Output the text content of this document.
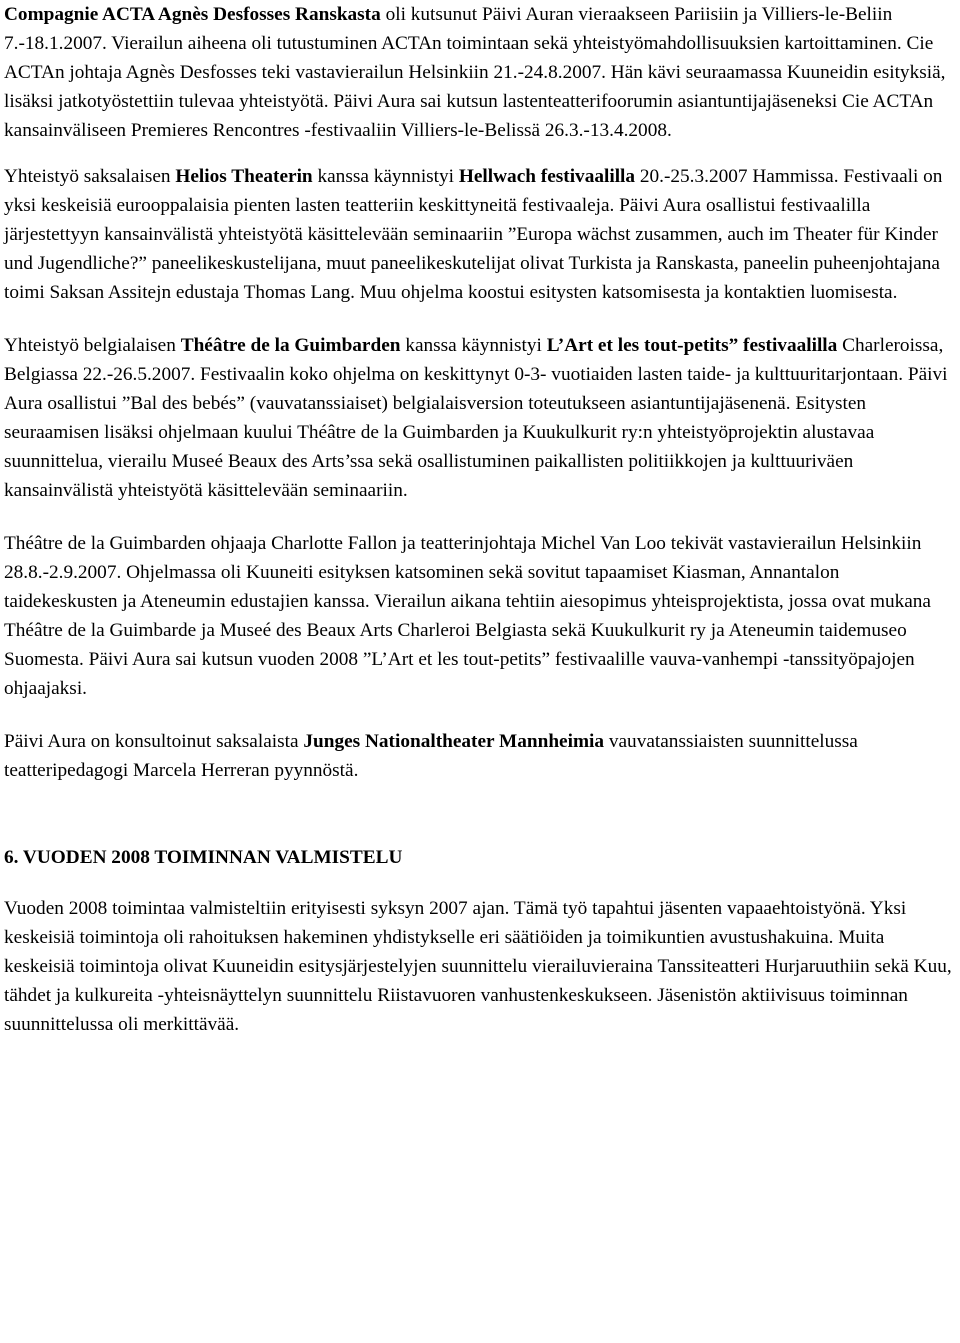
Compagnie ACTA Agnès Desfosses Ranskasta oli kutsunut Päivi Auran vieraakseen Pariisiin ja Villiers-le-Beliin 7.-18.1.2007. Vierailun aiheena oli tutustuminen ACTAn toimintaan sekä yhteistyömahdollisuuksien kartoittaminen. Cie ACTAn johtaja Agnès Desfosses teki vastavierailun Helsinkiin 21.-24.8.2007. Hän kävi seuraamassa Kuuneidin esityksiä, lisäksi jatkotyöstettiin tulevaa yhteistyötä. Päivi Aura sai kutsun lastenteatterifoorumin asiantuntijajäseneksi Cie ACTAn kansainväliseen Premieres Rencontres -festivaaliin Villiers-le-Belissä 26.3.-13.4.2008.

Yhteistyö saksalaisen Helios Theaterin kanssa käynnistyi Hellwach festivaalilla 20.-25.3.2007 Hammissa. Festivaali on yksi keskeisiä eurooppalaisia pienten lasten teatteriin keskittyneitä festivaaleja. Päivi Aura osallistui festivaalilla järjestettyyn kansainvälistä yhteistyötä käsittelevään seminaariin ”Europa wächst zusammen, auch im Theater für Kinder und Jugendliche?” paneelikeskustelijana, muut paneelikeskutelijat olivat Turkista ja Ranskasta, paneelin puheenjohtajana toimi Saksan Assitejn edustaja Thomas Lang. Muu ohjelma koostui esitysten katsomisesta ja kontaktien luomisesta.

Yhteistyö belgialaisen Théâtre de la Guimbarden kanssa käynnistyi L’Art et les tout-petits” festivaalilla Charleroissa, Belgiassa 22.-26.5.2007. Festivaalin koko ohjelma on keskittynyt 0-3- vuotiaiden lasten taide- ja kulttuuritarjontaan. Päivi Aura osallistui ”Bal des bebés” (vauvatanssiaiset) belgialaisversion toteutukseen asiantuntijajäsenenä. Esitysten seuraamisen lisäksi ohjelmaan kuului Théâtre de la Guimbarden ja Kuukulkurit ry:n yhteistyöprojektin alustavaa suunnittelua, vierailu Museé Beaux des Arts’ssa sekä osallistuminen paikallisten politiikkojen ja kulttuuriväen kansainvälistä yhteistyötä käsittelevään seminaariin.

Théâtre de la Guimbarden ohjaaja Charlotte Fallon ja teatterinjohtaja Michel Van Loo tekivät vastavierailun Helsinkiin 28.8.-2.9.2007. Ohjelmassa oli Kuuneiti esityksen katsominen sekä sovitut tapaamiset Kiasman, Annantalon taidekeskusten ja Ateneumin edustajien kanssa. Vierailun aikana tehtiin aiesopimus yhteisprojektista, jossa ovat mukana Théâtre de la Guimbarde ja Museé des Beaux Arts Charleroi Belgiasta sekä Kuukulkurit ry ja Ateneumin taidemuseo Suomesta. Päivi Aura sai kutsun vuoden 2008 ”L’Art et les tout-petits” festivaalille vauva-vanhempi -tanssityöpajojen ohjaajaksi.

Päivi Aura on konsultoinut saksalaista Junges Nationaltheater Mannheimia vauvatanssiaisten suunnittelussa teatteripedagogi Marcela Herreran pyynnöstä.

6. VUODEN 2008 TOIMINNAN VALMISTELU

Vuoden 2008 toimintaa valmisteltiin erityisesti syksyn 2007 ajan. Tämä työ tapahtui jäsenten vapaaehtoistyönä. Yksi keskeisiä toimintoja oli rahoituksen hakeminen yhdistykselle eri säätiöiden ja toimikuntien avustushakuina. Muita keskeisiä toimintoja olivat Kuuneidin esitysjärjestelyjen suunnittelu vierailuvieraina Tanssiteatteri Hurjaruuthiin sekä Kuu, tähdet ja kulkureita -yhteisnäyttelyn suunnittelu Riistavuoren vanhustenkeskukseen. Jäsenistön aktiivisuus toiminnan suunnittelussa oli merkittävää.
